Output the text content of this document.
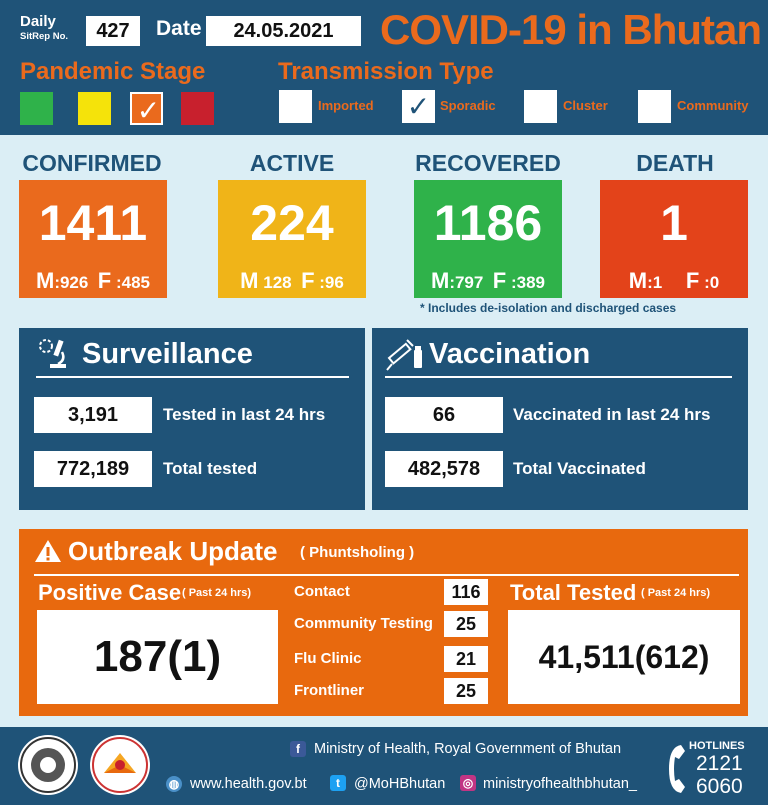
Daily
SitRep No.	427	Date	24.05.2021	COVID-19 in Bhutan
Pandemic Stage
✓
Transmission Type
Imported ✓ Sporadic	Cluster	Community
CONFIRMED
1411
M:926 F :485
ACTIVE
224
M 128 F :96
RECOVERED
1186
M:797 F :389
DEATH
1
M:1 F :0
* Includes de-isolation and discharged cases
Surveillance
3,191	Tested in last 24 hrs
772,189	Total tested
Vaccination
66	Vaccinated in last 24 hrs
482,578	Total Vaccinated
Outbreak Update ( Phuntsholing )
Positive Case ( Past 24 hrs)
187(1)
Contact	116
Community Testing	25
Flu Clinic	21
Frontliner	25
Total Tested ( Past 24 hrs)
41,511(612)
f Ministry of Health, Royal Government of Bhutan
◍ www.health.gov.bt	t @MoHBhutan ◎ ministryofhealthbhutan_
HOTLINES
2121
6060
